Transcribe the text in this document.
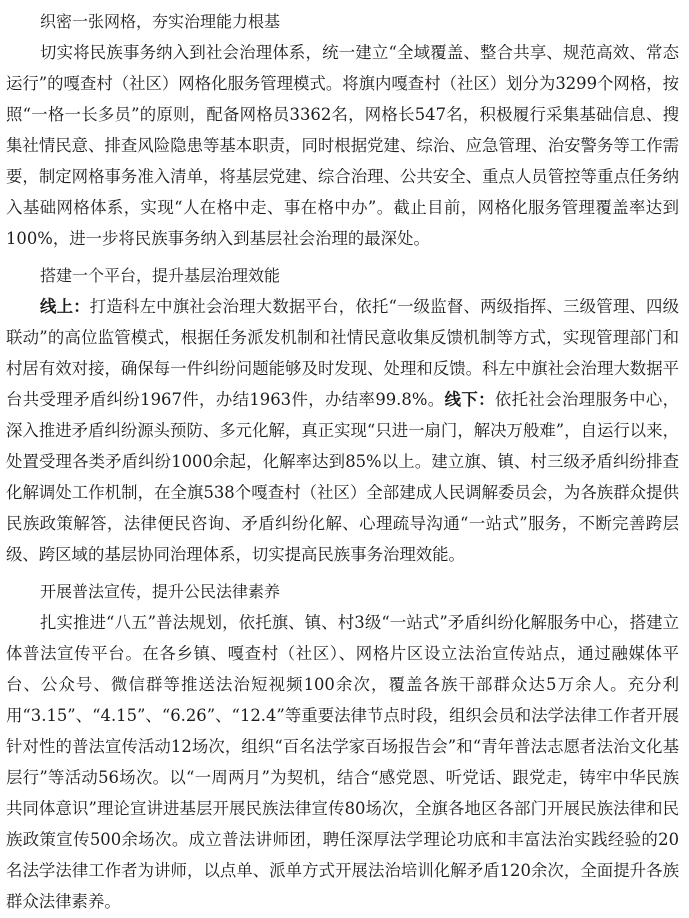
织密一张网格，夯实治理能力根基

切实将民族事务纳入到社会治理体系，统一建立“全域覆盖、整合共享、规范高效、常态运行”的嘎查村（社区）网格化服务管理模式。将旗内嘎查村（社区）划分为3299个网格，按照“一格一长多员”的原则，配备网格员3362名，网格长547名，积极履行采集基础信息、搜集社情民意、排查风险隐患等基本职责，同时根据党建、综治、应急管理、治安警务等工作需要，制定网格事务准入清单，将基层党建、综合治理、公共安全、重点人员管控等重点任务纳入基础网格体系，实现“人在格中走、事在格中办”。截止目前，网格化服务管理覆盖率达到100%，进一步将民族事务纳入到基层社会治理的最深处。

搭建一个平台，提升基层治理效能

线上：打造科左中旗社会治理大数据平台，依托“一级监督、两级指挥、三级管理、四级联动”的高位监管模式，根据任务派发机制和社情民意收集反馈机制等方式，实现管理部门和村居有效对接，确保每一件纠纷问题能够及时发现、处理和反馈。科左中旗社会治理大数据平台共受理矛盾纠纷1967件，办结1963件，办结率99.8%。线下：依托社会治理服务中心，深入推进矛盾纠纷源头预防、多元化解，真正实现“只进一扇门，解决万般难”，自运行以来，处置受理各类矛盾纠纷1000余起，化解率达到85%以上。建立旗、镇、村三级矛盾纠纷排查化解调处工作机制，在全旗538个嘎查村（社区）全部建成人民调解委员会，为各族群众提供民族政策解答，法律便民咨询、矛盾纠纷化解、心理疏导沟通“一站式”服务，不断完善跨层级、跨区域的基层协同治理体系，切实提高民族事务治理效能。

开展普法宣传，提升公民法律素养

扎实推进“八五”普法规划，依托旗、镇、村3级“一站式”矛盾纠纷化解服务中心，搭建立体普法宣传平台。在各乡镇、嘎查村（社区）、网格片区设立法治宣传站点，通过融媒体平台、公众号、微信群等推送法治短视频100余次，覆盖各族干部群众达5万余人。充分利用“3.15”、“4.15”、“6.26”、“12.4”等重要法律节点时段，组织会员和法学法律工作者开展针对性的普法宣传活动12场次，组织“百名法学家百场报告会”和“青年普法志愿者法治文化基层行”等活动56场次。以“一周两月”为契机，结合“感党恩、听党话、跟党走，铸牢中华民族共同体意识”理论宣讲进基层开展民族法律宣传80场次，全旗各地区各部门开展民族法律和民族政策宣传500余场次。成立普法讲师团，聘任深厚法学理论功底和丰富法治实践经验的20名法学法律工作者为讲师，以点单、派单方式开展法治培训化解矛盾120余次，全面提升各族群众法律素养。
